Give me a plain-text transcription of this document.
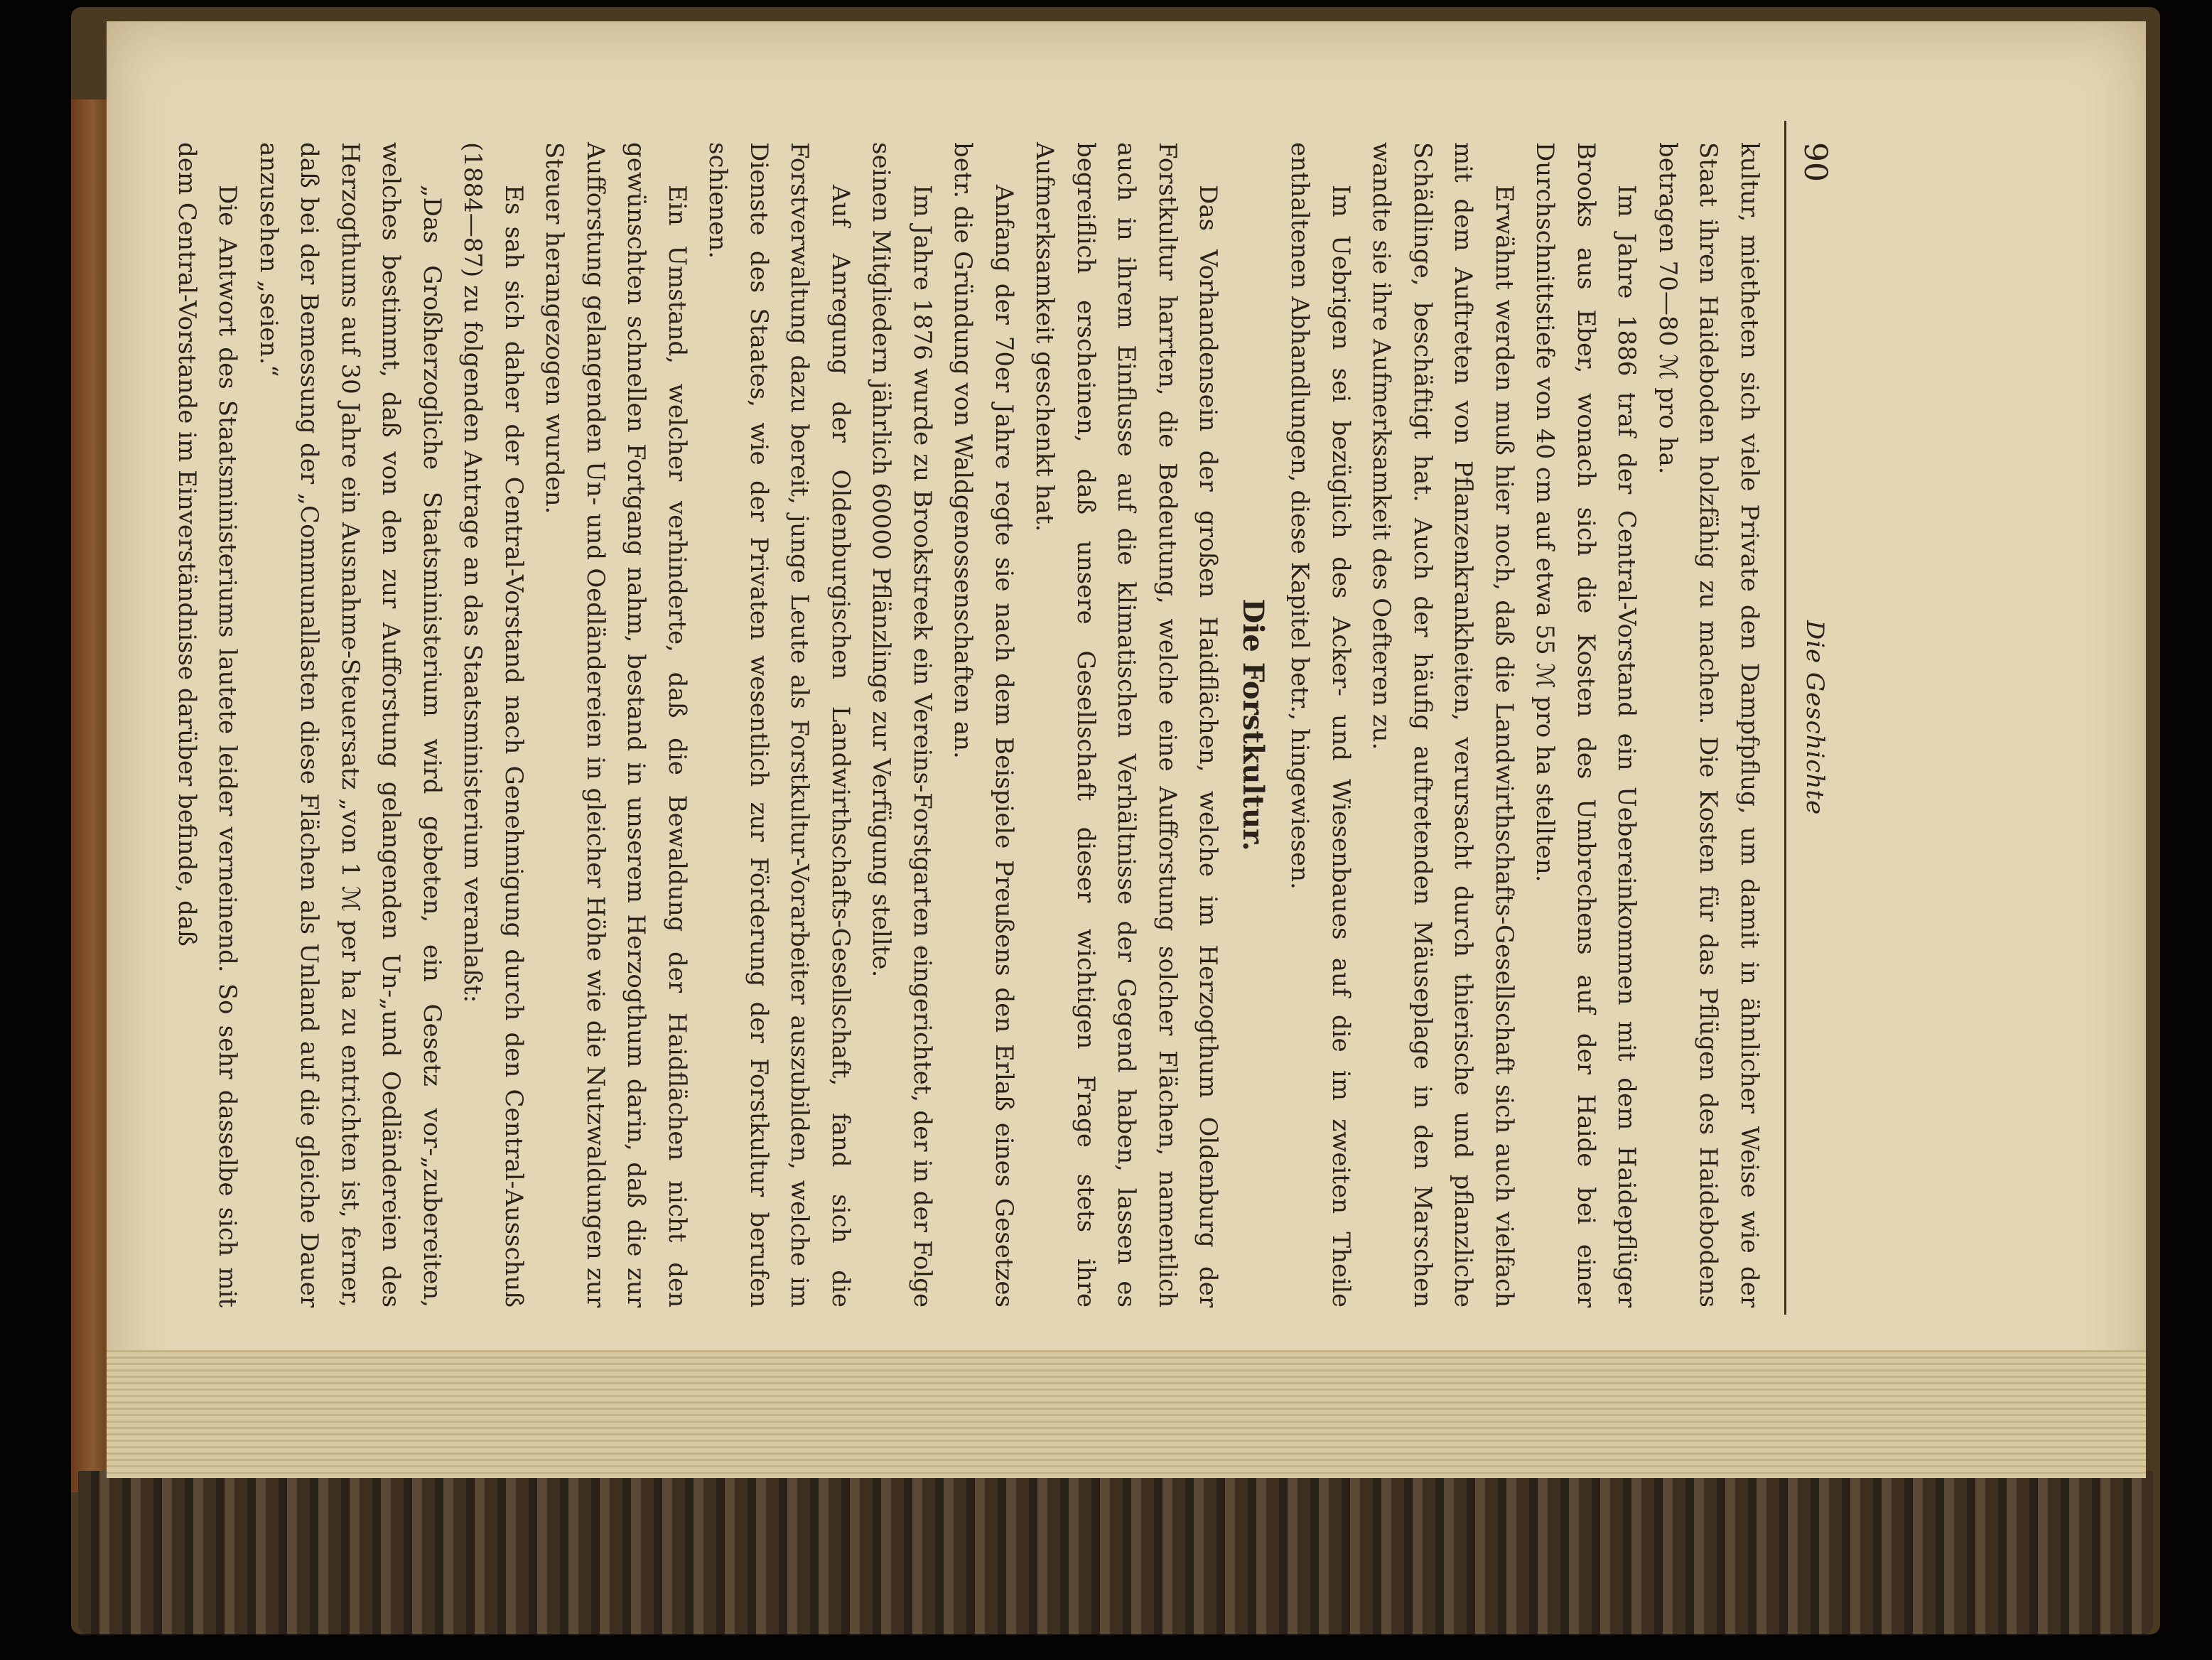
90
Die Geschichte

kultur, mietheten sich viele Private den Dampfpflug, um damit in ähnlicher Weise wie der Staat ihren Haideboden holzfähig zu machen. Die Kosten für das Pflügen des Haidebodens betragen 70—80 ℳ pro ha.

Im Jahre 1886 traf der Central-Vorstand ein Uebereinkommen mit dem Haidepflüger Brooks aus Eber, wonach sich die Kosten des Umbrechens auf der Haide bei einer Durchschnittstiefe von 40 cm auf etwa 55 ℳ pro ha stellten.

Erwähnt werden muß hier noch, daß die Landwirthschafts-Gesellschaft sich auch vielfach mit dem Auftreten von Pflanzenkrankheiten, verursacht durch thierische und pflanzliche Schädlinge, beschäftigt hat. Auch der häufig auftretenden Mäuseplage in den Marschen wandte sie ihre Aufmerksamkeit des Oefteren zu.

Im Uebrigen sei bezüglich des Acker- und Wiesenbaues auf die im zweiten Theile enthaltenen Abhandlungen, diese Kapitel betr., hingewiesen.

Die Forstkultur.

Das Vorhandensein der großen Haidflächen, welche im Herzogthum Oldenburg der Forstkultur harrten, die Bedeutung, welche eine Aufforstung solcher Flächen, namentlich auch in ihrem Einflusse auf die klimatischen Verhältnisse der Gegend haben, lassen es begreiflich erscheinen, daß unsere Gesellschaft dieser wichtigen Frage stets ihre Aufmerksamkeit geschenkt hat.

Anfang der 70er Jahre regte sie nach dem Beispiele Preußens den Erlaß eines Gesetzes betr. die Gründung von Waldgenossenschaften an.

Im Jahre 1876 wurde zu Brookstreek ein Vereins-Forstgarten eingerichtet, der in der Folge seinen Mitgliedern jährlich 60000 Pflänzlinge zur Verfügung stellte.

Auf Anregung der Oldenburgischen Landwirthschafts-Gesellschaft, fand sich die Forstverwaltung dazu bereit, junge Leute als Forstkultur-Vorarbeiter auszubilden, welche im Dienste des Staates, wie der Privaten wesentlich zur Förderung der Forstkultur berufen schienen.

Ein Umstand, welcher verhinderte, daß die Bewaldung der Haidflächen nicht den gewünschten schnellen Fortgang nahm, bestand in unserem Herzogthum darin, daß die zur Aufforstung gelangenden Un- und Oedländereien in gleicher Höhe wie die Nutzwaldungen zur Steuer herangezogen wurden.

Es sah sich daher der Central-Vorstand nach Genehmigung durch den Central-Ausschuß (1884—87) zu folgenden Antrage an das Staatsministerium veranlaßt:

„Das Großherzogliche Staatsministerium wird gebeten, ein Gesetz vor-„zubereiten, welches bestimmt, daß von den zur Aufforstung gelangenden Un-„und Oedländereien des Herzogthums auf 30 Jahre ein Ausnahme-Steuersatz „von 1 ℳ per ha zu entrichten ist, ferner, daß bei der Bemessung der „Communallasten diese Flächen als Unland auf die gleiche Dauer anzusehen „seien.“

Die Antwort des Staatsministeriums lautete leider verneinend. So sehr dasselbe sich mit dem Central-Vorstande im Einverständnisse darüber befinde, daß
